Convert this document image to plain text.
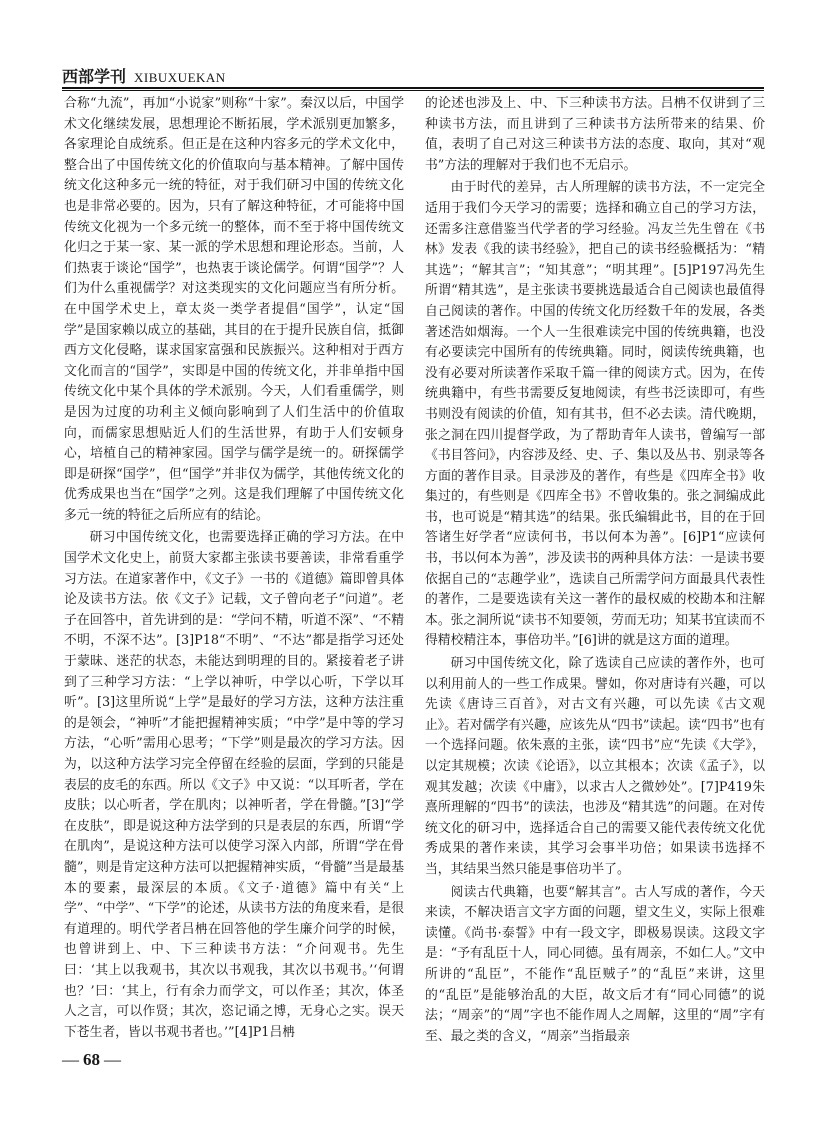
西部学刊 XIBUXUEKAN

合称“九流”，再加“小说家”则称“十家”。秦汉以后，中国学术文化继续发展，思想理论不断拓展，学术派别更加繁多，各家理论自成统系。但正是在这种内容多元的学术文化中，整合出了中国传统文化的价值取向与基本精神。了解中国传统文化这种多元一统的特征，对于我们研习中国的传统文化也是非常必要的。因为，只有了解这种特征，才可能将中国传统文化视为一个多元统一的整体，而不至于将中国传统文化归之于某一家、某一派的学术思想和理论形态。当前，人们热衷于谈论“国学”，也热衷于谈论儒学。何谓“国学”？人们为什么重视儒学？对这类现实的文化问题应当有所分析。在中国学术史上，章太炎一类学者提倡“国学”，认定“国学”是国家赖以成立的基础，其目的在于提升民族自信，抵御西方文化侵略，谋求国家富强和民族振兴。这种相对于西方文化而言的“国学”，实即是中国的传统文化，并非单指中国传统文化中某个具体的学术派别。今天，人们看重儒学，则是因为过度的功利主义倾向影响到了人们生活中的价值取向，而儒家思想贴近人们的生活世界，有助于人们安顿身心，培植自己的精神家园。国学与儒学是统一的。研探儒学即是研探“国学”，但“国学”并非仅为儒学，其他传统文化的优秀成果也当在“国学”之列。这是我们理解了中国传统文化多元一统的特征之后所应有的结论。

研习中国传统文化，也需要选择正确的学习方法。在中国学术文化史上，前贤大家都主张读书要善读，非常看重学习方法。在道家著作中，《文子》一书的《道德》篇即曾具体论及读书方法。依《文子》记载，文子曾向老子“问道”。老子在回答中，首先讲到的是：“学问不精，听道不深”、“不精不明，不深不达”。[3]P18“不明”、“不达”都是指学习还处于蒙昧、迷茫的状态，未能达到明理的目的。紧接着老子讲到了三种学习方法：“上学以神听，中学以心听，下学以耳听”。[3]这里所说“上学”是最好的学习方法，这种方法注重的是领会，“神听”才能把握精神实质；“中学”是中等的学习方法，“心听”需用心思考；“下学”则是最次的学习方法。因为，以这种方法学习完全停留在经验的层面，学到的只能是表层的皮毛的东西。所以《文子》中又说：“以耳听者，学在皮肤；以心听者，学在肌肉；以神听者，学在骨髓。”[3]“学在皮肤”，即是说这种方法学到的只是表层的东西，所谓“学在肌肉”，是说这种方法可以使学习深入内部，所谓“学在骨髓”，则是肯定这种方法可以把握精神实质，“骨髓”当是最基本的要素，最深层的本质。《文子·道德》篇中有关“上学”、“中学”、“下学”的论述，从读书方法的角度来看，是很有道理的。明代学者吕柟在回答他的学生廉介问学的时候，也曾讲到上、中、下三种读书方法：“介问观书。先生曰：‘其上以我观书，其次以书观我，其次以书观书。’‘何谓也？’曰：‘其上，行有余力而学文，可以作圣；其次，体圣人之言，可以作贤；其次，恣记诵之博，无身心之实。误天下苍生者，皆以书观书者也。’”[4]P1吕柟

的论述也涉及上、中、下三种读书方法。吕柟不仅讲到了三种读书方法，而且讲到了三种读书方法所带来的结果、价值，表明了自己对这三种读书方法的态度、取向，其对“观书”方法的理解对于我们也不无启示。

由于时代的差异，古人所理解的读书方法，不一定完全适用于我们今天学习的需要；选择和确立自己的学习方法，还需多注意借鉴当代学者的学习经验。冯友兰先生曾在《书林》发表《我的读书经验》，把自己的读书经验概括为：“精其选”；“解其言”；“知其意”；“明其理”。[5]P197冯先生所谓“精其选”，是主张读书要挑选最适合自己阅读也最值得自己阅读的著作。中国的传统文化历经数千年的发展，各类著述浩如烟海。一个人一生很难读完中国的传统典籍，也没有必要读完中国所有的传统典籍。同时，阅读传统典籍，也没有必要对所读著作采取千篇一律的阅读方式。因为，在传统典籍中，有些书需要反复地阅读，有些书泛读即可，有些书则没有阅读的价值，知有其书，但不必去读。清代晚期，张之洞在四川提督学政，为了帮助青年人读书，曾编写一部《书目答问》，内容涉及经、史、子、集以及丛书、别录等各方面的著作目录。目录涉及的著作，有些是《四库全书》收集过的，有些则是《四库全书》不曾收集的。张之洞编成此书，也可说是“精其选”的结果。张氏编辑此书，目的在于回答诸生好学者“应读何书，书以何本为善”。[6]P1“应读何书，书以何本为善”，涉及读书的两种具体方法：一是读书要依据自己的“志趣学业”，选读自己所需学问方面最具代表性的著作，二是要选读有关这一著作的最权威的校勘本和注解本。张之洞所说“读书不知要领，劳而无功；知某书宜读而不得精校精注本，事倍功半。”[6]讲的就是这方面的道理。

研习中国传统文化，除了选读自己应读的著作外，也可以利用前人的一些工作成果。譬如，你对唐诗有兴趣，可以先读《唐诗三百首》，对古文有兴趣，可以先读《古文观止》。若对儒学有兴趣，应该先从“四书”读起。读“四书”也有一个选择问题。依朱熹的主张，读“四书”应“先读《大学》，以定其规模；次读《论语》，以立其根本；次读《孟子》，以观其发越；次读《中庸》，以求古人之微妙处”。[7]P419朱熹所理解的“四书”的读法，也涉及“精其选”的问题。在对传统文化的研习中，选择适合自己的需要又能代表传统文化优秀成果的著作来读，其学习会事半功倍；如果读书选择不当，其结果当然只能是事倍功半了。

阅读古代典籍，也要“解其言”。古人写成的著作，今天来读，不解决语言文字方面的问题，望文生义，实际上很难读懂。《尚书·泰誓》中有一段文字，即极易误读。这段文字是：“予有乱臣十人，同心同德。虽有周亲，不如仁人。”文中所讲的“乱臣”，不能作“乱臣贼子”的“乱臣”来讲，这里的“乱臣”是能够治乱的大臣，故文后才有“同心同德”的说法；“周亲”的“周”字也不能作周人之周解，这里的“周”字有至、最之类的含义，“周亲”当指最亲

— 68 —
